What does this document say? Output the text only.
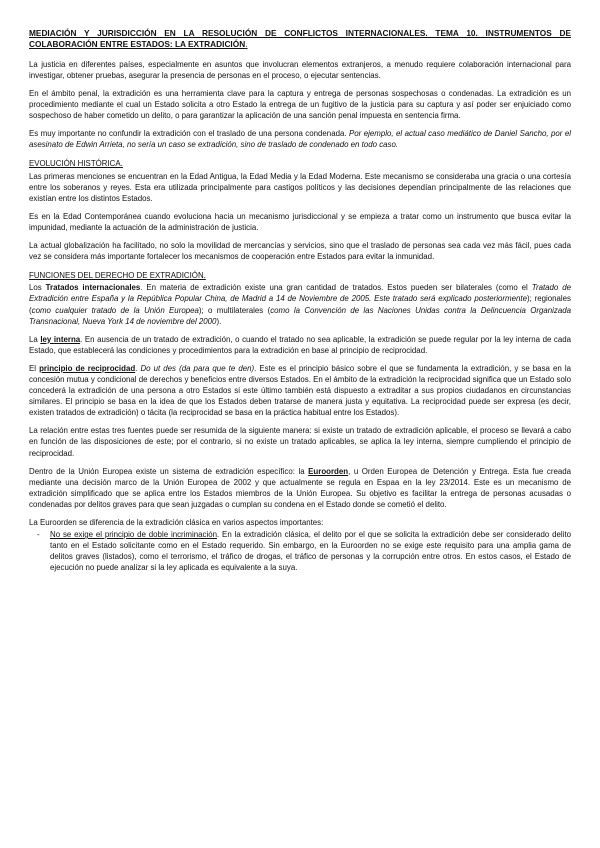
MEDIACIÓN Y JURISDICCIÓN EN LA RESOLUCIÓN DE CONFLICTOS INTERNACIONALES. TEMA 10. INSTRUMENTOS DE COLABORACIÓN ENTRE ESTADOS: LA EXTRADICIÓN.

La justicia en diferentes países, especialmente en asuntos que involucran elementos extranjeros, a menudo requiere colaboración internacional para investigar, obtener pruebas, asegurar la presencia de personas en el proceso, o ejecutar sentencias.

En el ámbito penal, la extradición es una herramienta clave para la captura y entrega de personas sospechosas o condenadas. La extradición es un procedimiento mediante el cual un Estado solicita a otro Estado la entrega de un fugitivo de la justicia para su captura y así poder ser enjuiciado como sospechoso de haber cometido un delito, o para garantizar la aplicación de una sanción penal impuesta en sentencia firma.

Es muy importante no confundir la extradición con el traslado de una persona condenada. Por ejemplo, el actual caso mediático de Daniel Sancho, por el asesinato de Edwin Arrieta, no sería un caso se extradición, sino de traslado de condenado en todo caso.

EVOLUCIÓN HISTÓRICA.

Las primeras menciones se encuentran en la Edad Antigua, la Edad Media y la Edad Moderna. Este mecanismo se consideraba una gracia o una cortesía entre los soberanos y reyes. Esta era utilizada principalmente para castigos políticos y las decisiones dependían principalmente de las relaciones que existían entre los distintos Estados.

Es en la Edad Contemporánea cuando evoluciona hacia un mecanismo jurisdiccional y se empieza a tratar como un instrumento que busca evitar la impunidad, mediante la actuación de la administración de justicia.

La actual globalización ha facilitado, no solo la movilidad de mercancías y servicios, sino que el traslado de personas sea cada vez más fácil, pues cada vez se considera más importante fortalecer los mecanismos de cooperación entre Estados para evitar la inmunidad.

FUNCIONES DEL DERECHO DE EXTRADICIÓN.

Los Tratados internacionales. En materia de extradición existe una gran cantidad de tratados. Estos pueden ser bilaterales (como el Tratado de Extradición entre España y la República Popular China, de Madrid a 14 de Noviembre de 2005. Este tratado será explicado posteriormente); regionales (como cualquier tratado de la Unión Europea); o multilaterales (como la Convención de las Naciones Unidas contra la Delincuencia Organizada Transnacional, Nueva York 14 de noviembre del 2000).

La ley interna. En ausencia de un tratado de extradición, o cuando el tratado no sea aplicable, la extradición se puede regular por la ley interna de cada Estado, que establecerá las condiciones y procedimientos para la extradición en base al principio de reciprocidad.

El principio de reciprocidad. Do ut des (da para que te den). Este es el principio básico sobre el que se fundamenta la extradición, y se basa en la concesión mutua y condicional de derechos y beneficios entre diversos Estados. En el ámbito de la extradición la reciprocidad significa que un Estado solo concederá la extradición de una persona a otro Estados si este último también está dispuesto a extraditar a sus propios ciudadanos en circunstancias similares. El principio se basa en la idea de que los Estados deben tratarse de manera justa y equitativa. La reciprocidad puede ser expresa (es decir, existen tratados de extradición) o tácita (la reciprocidad se basa en la práctica habitual entre los Estados).

La relación entre estas tres fuentes puede ser resumida de la siguiente manera: si existe un tratado de extradición aplicable, el proceso se llevará a cabo en función de las disposiciones de este; por el contrario, si no existe un tratado aplicables, se aplica la ley interna, siempre cumpliendo el principio de reciprocidad.

Dentro de la Unión Europea existe un sistema de extradición específico: la Euroorden, u Orden Europea de Detención y Entrega. Esta fue creada mediante una decisión marco de la Unión Europea de 2002 y que actualmente se regula en Espaa en la ley 23/2014. Este es un mecanismo de extradición simplificado que se aplica entre los Estados miembros de la Unión Europea. Su objetivo es facilitar la entrega de personas acusadas o condenadas por delitos graves para que sean juzgadas o cumplan su condena en el Estado donde se cometió el delito.

La Euroorden se diferencia de la extradición clásica en varios aspectos importantes:

- No se exige el principio de doble incriminación. En la extradición clásica, el delito por el que se solicita la extradición debe ser considerado delito tanto en el Estado solicitante como en el Estado requerido. Sin embargo, en la Euroorden no se exige este requisito para una amplia gama de delitos graves (listados), como el terrorismo, el tráfico de drogas, el tráfico de personas y la corrupción entre otros. En estos casos, el Estado de ejecución no puede analizar si la ley aplicada es equivalente a la suya.
